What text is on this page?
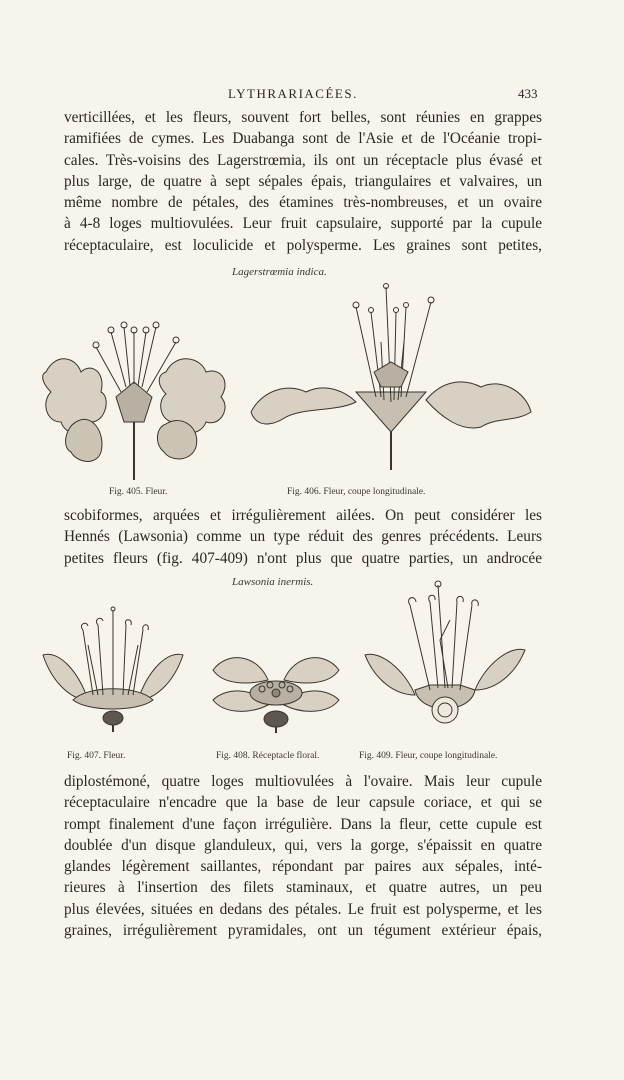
LYTHRARIACÉES.	433
verticillées, et les fleurs, souvent fort belles, sont réunies en grappes
ramifiées de cymes. Les Duabanga sont de l'Asie et de l'Océanie tropi-
cales. Très-voisins des Lagerstrœmia, ils ont un réceptacle plus évasé et
plus large, de quatre à sept sépales épais, triangulaires et valvaires, un
même nombre de pétales, des étamines très-nombreuses, et un ovaire
à 4-8 loges multiovulées. Leur fruit capsulaire, supporté par la cupule
réceptaculaire, est loculicide et polysperme. Les graines sont petites,
Lagerstrœmia indica.
Fig. 405. Fleur.	Fig. 406. Fleur, coupe longitudinale.
scobiformes, arquées et irrégulièrement ailées. On peut considérer les
Hennés (Lawsonia) comme un type réduit des genres précédents. Leurs
petites fleurs (fig. 407-409) n'ont plus que quatre parties, un androcée
Lawsonia inermis.
Fig. 407. Fleur.	Fig. 408. Réceptacle floral.	Fig. 409. Fleur, coupe longitudinale.
diplostémoné, quatre loges multiovulées à l'ovaire. Mais leur cupule
réceptaculaire n'encadre que la base de leur capsule coriace, et qui se
rompt finalement d'une façon irrégulière. Dans la fleur, cette cupule est
doublée d'un disque glanduleux, qui, vers la gorge, s'épaissit en quatre
glandes légèrement saillantes, répondant par paires aux sépales, inté-
rieures à l'insertion des filets staminaux, et quatre autres, un peu
plus élevées, situées en dedans des pétales. Le fruit est polysperme, et les
graines, irrégulièrement pyramidales, ont un tégument extérieur épais,
